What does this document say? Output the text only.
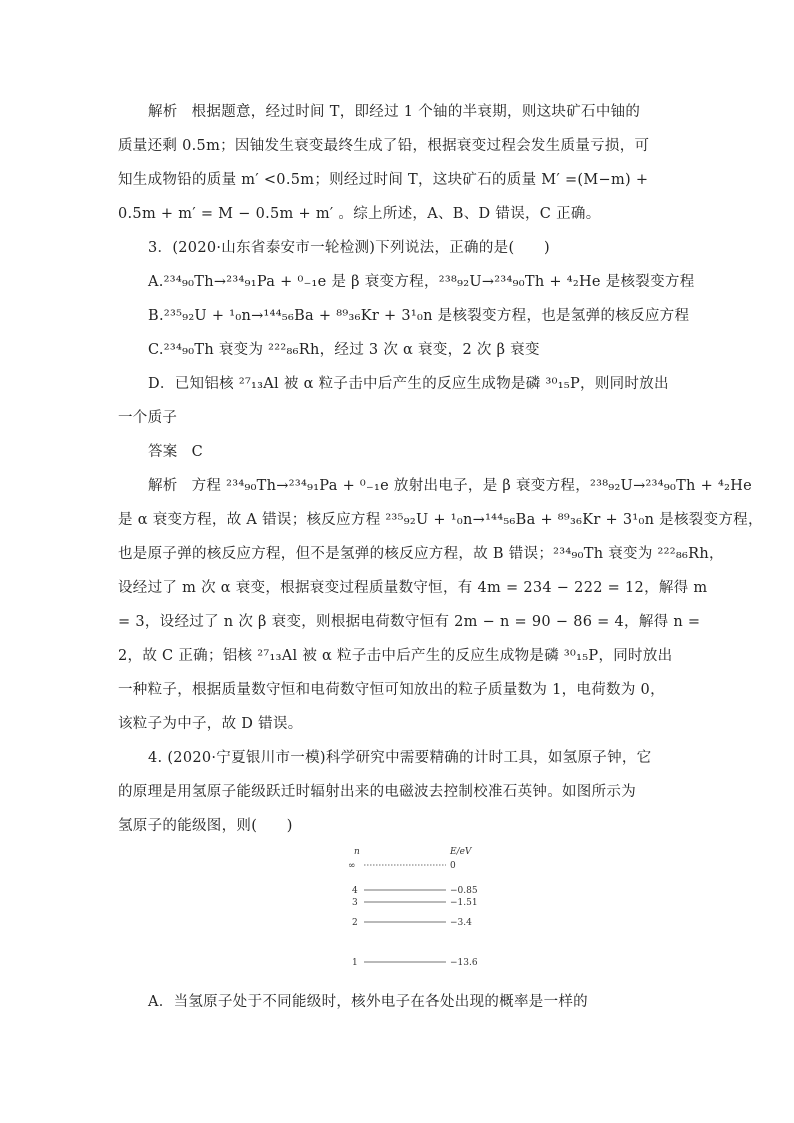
解析 根据题意，经过时间 T，即经过 1 个铀的半衰期，则这块矿石中铀的
质量还剩 0.5m；因铀发生衰变最终生成了铅，根据衰变过程会发生质量亏损，可
知生成物铅的质量 m′ <0.5m；则经过时间 T，这块矿石的质量 M′ =(M−m) +
0.5m + m′ = M − 0.5m + m′ 。综上所述，A、B、D 错误，C 正确。
3．(2020·山东省泰安市一轮检测)下列说法，正确的是(　　)
A.²³⁴₉₀Th→²³⁴₉₁Pa + ⁰₋₁e 是 β 衰变方程，²³⁸₉₂U→²³⁴₉₀Th + ⁴₂He 是核裂变方程
B.²³⁵₉₂U + ¹₀n→¹⁴⁴₅₆Ba + ⁸⁹₃₆Kr + 3¹₀n 是核裂变方程，也是氢弹的核反应方程
C.²³⁴₉₀Th 衰变为 ²²²₈₆Rh，经过 3 次 α 衰变，2 次 β 衰变
D．已知铝核 ²⁷₁₃Al 被 α 粒子击中后产生的反应生成物是磷 ³⁰₁₅P，则同时放出
一个质子
答案 C
解析 方程 ²³⁴₉₀Th→²³⁴₉₁Pa + ⁰₋₁e 放射出电子，是 β 衰变方程，²³⁸₉₂U→²³⁴₉₀Th + ⁴₂He
是 α 衰变方程，故 A 错误；核反应方程 ²³⁵₉₂U + ¹₀n→¹⁴⁴₅₆Ba + ⁸⁹₃₆Kr + 3¹₀n 是核裂变方程，
也是原子弹的核反应方程，但不是氢弹的核反应方程，故 B 错误；²³⁴₉₀Th 衰变为 ²²²₈₆Rh，
设经过了 m 次 α 衰变，根据衰变过程质量数守恒，有 4m = 234 − 222 = 12，解得 m
= 3，设经过了 n 次 β 衰变，则根据电荷数守恒有 2m − n = 90 − 86 = 4，解得 n =
2，故 C 正确；铝核 ²⁷₁₃Al 被 α 粒子击中后产生的反应生成物是磷 ³⁰₁₅P，同时放出
一种粒子，根据质量数守恒和电荷数守恒可知放出的粒子质量数为 1，电荷数为 0，
该粒子为中子，故 D 错误。
4. (2020·宁夏银川市一模)科学研究中需要精确的计时工具，如氢原子钟，它
的原理是用氢原子能级跃迁时辐射出来的电磁波去控制校准石英钟。如图所示为
氢原子的能级图，则(　　)
A．当氢原子处于不同能级时，核外电子在各处出现的概率是一样的
n	E/eV
∞	0
4	−0.85
3	−1.51
2	−3.4
1	−13.6
